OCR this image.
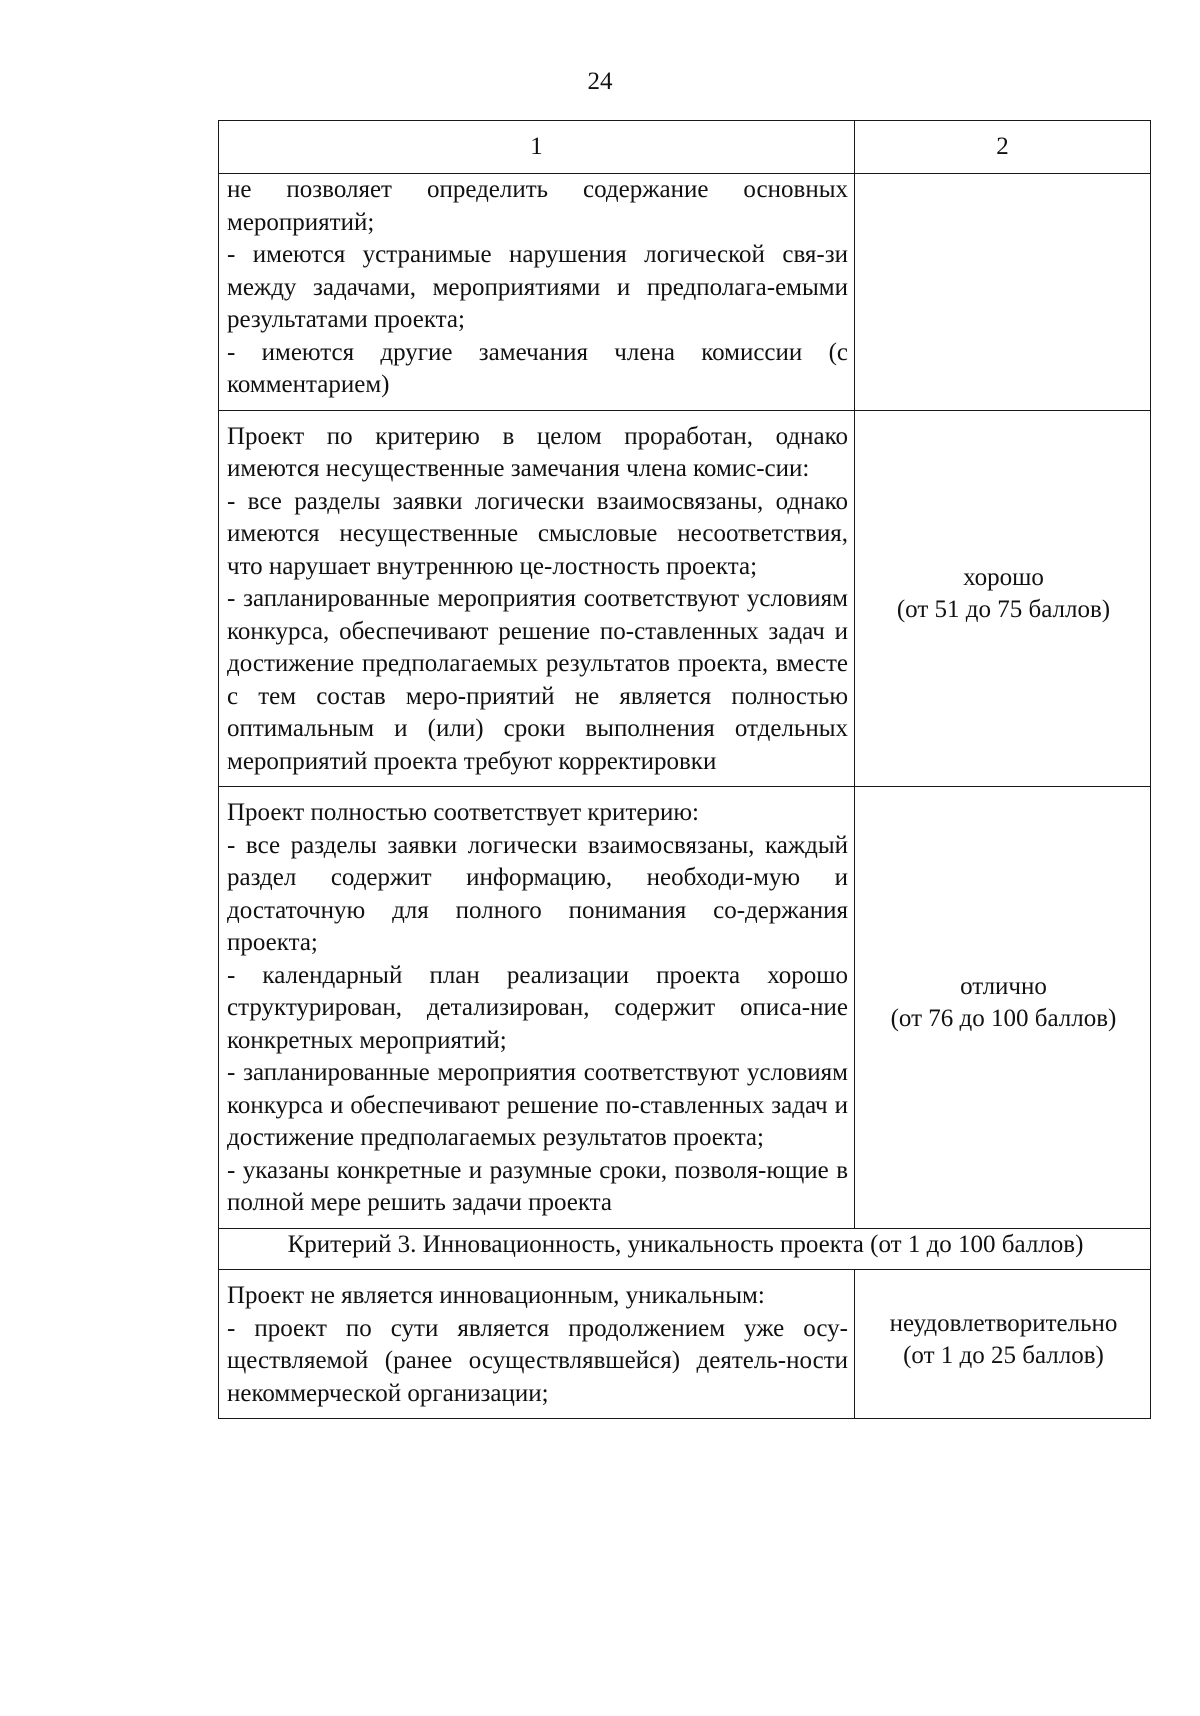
24
1	2

не позволяет определить содержание основных мероприятий;
- имеются устранимые нарушения логической свя-зи между задачами, мероприятиями и предполага-емыми результатами проекта;
- имеются другие замечания члена комиссии (с комментарием)	

Проект по критерию в целом проработан, однако имеются несущественные замечания члена комис-сии:
- все разделы заявки логически взаимосвязаны, однако имеются несущественные смысловые несоответствия, что нарушает внутреннюю це-лостность проекта;
- запланированные мероприятия соответствуют условиям конкурса, обеспечивают решение по-ставленных задач и достижение предполагаемых результатов проекта, вместе с тем состав меро-приятий не является полностью оптимальным и (или) сроки выполнения отдельных мероприятий проекта требуют корректировки	хорошо
(от 51 до 75 баллов)

Проект полностью соответствует критерию:
- все разделы заявки логически взаимосвязаны, каждый раздел содержит информацию, необходи-мую и достаточную для полного понимания со-держания проекта;
- календарный план реализации проекта хорошо структурирован, детализирован, содержит описа-ние конкретных мероприятий;
- запланированные мероприятия соответствуют условиям конкурса и обеспечивают решение по-ставленных задач и достижение предполагаемых результатов проекта;
- указаны конкретные и разумные сроки, позволя-ющие в полной мере решить задачи проекта	отлично
(от 76 до 100 баллов)

Критерий 3. Инновационность, уникальность проекта (от 1 до 100 баллов)	

Проект не является инновационным, уникальным:
- проект по сути является продолжением уже осу-ществляемой (ранее осуществлявшейся) деятель-ности некоммерческой организации;	неудовлетворительно
(от 1 до 25 баллов)
